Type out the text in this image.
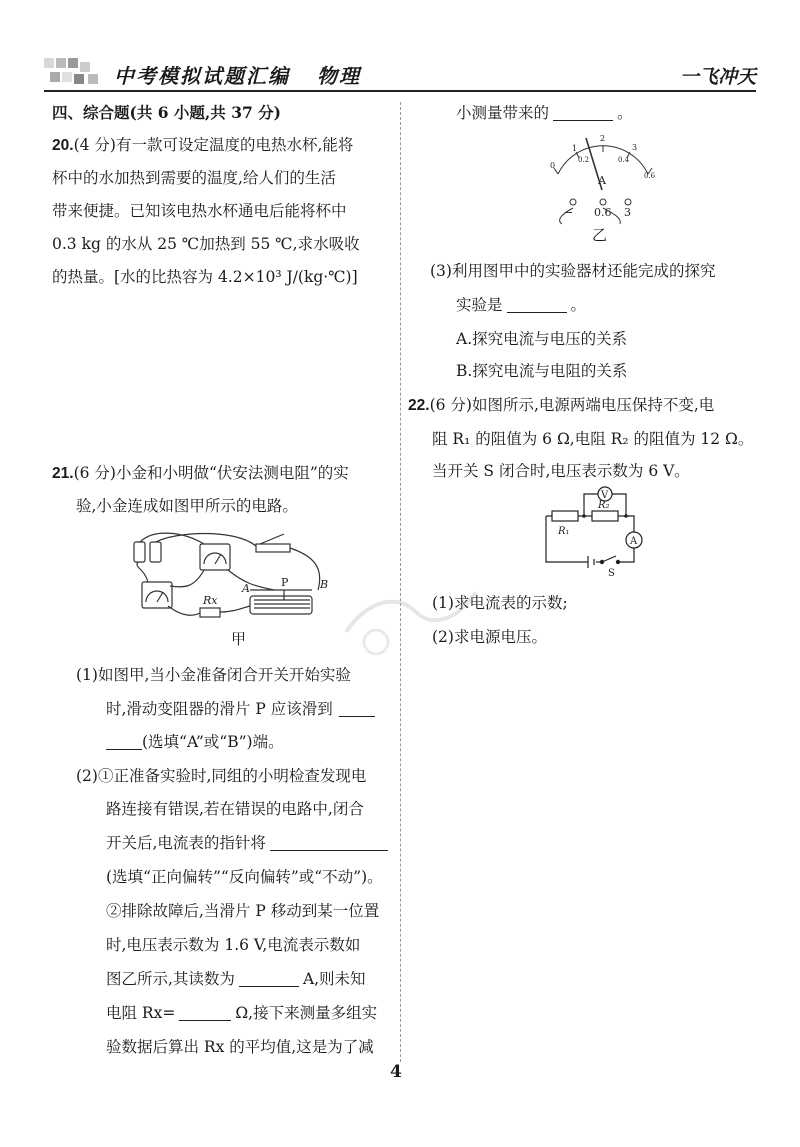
中考模拟试题汇编 物理	一飞冲天
四、综合题(共 6 小题,共 37 分)
20.(4 分)有一款可设定温度的电热水杯,能将
杯中的水加热到需要的温度,给人们的生活
带来便捷。已知该电热水杯通电后能将杯中
0.3 kg 的水从 25 ℃加热到 55 ℃,求水吸收
的热量。[水的比热容为 4.2×10³ J/(kg·℃)]
21.(6 分)小金和小明做“伏安法测电阻”的实
验,小金连成如图甲所示的电路。
A	P	B
Rx
甲
(1)如图甲,当小金准备闭合开关开始实验
时,滑动变阻器的滑片 P 应该滑到
(选填“A”或“B”)端。
(2)①正准备实验时,同组的小明检查发现电
路连接有错误,若在错误的电路中,闭合
开关后,电流表的指针将
(选填“正向偏转”“反向偏转”或“不动”)。
②排除故障后,当滑片 P 移动到某一位置
时,电压表示数为 1.6 V,电流表示数如
图乙所示,其读数为	A,则未知
电阻 Rx=	Ω,接下来测量多组实
验数据后算出 Rx 的平均值,这是为了减
小测量带来的	。
0
1
2
3
0.2	0.4
0.6
A
− 0.6 3
乙
(3)利用图甲中的实验器材还能完成的探究
实验是	。
A.探究电流与电压的关系
B.探究电流与电阻的关系
22.(6 分)如图所示,电源两端电压保持不变,电
阻 R₁ 的阻值为 6 Ω,电阻 R₂ 的阻值为 12 Ω。
当开关 S 闭合时,电压表示数为 6 V。
V
A
R₁
R₂
S
(1)求电流表的示数;
(2)求电源电压。
4
